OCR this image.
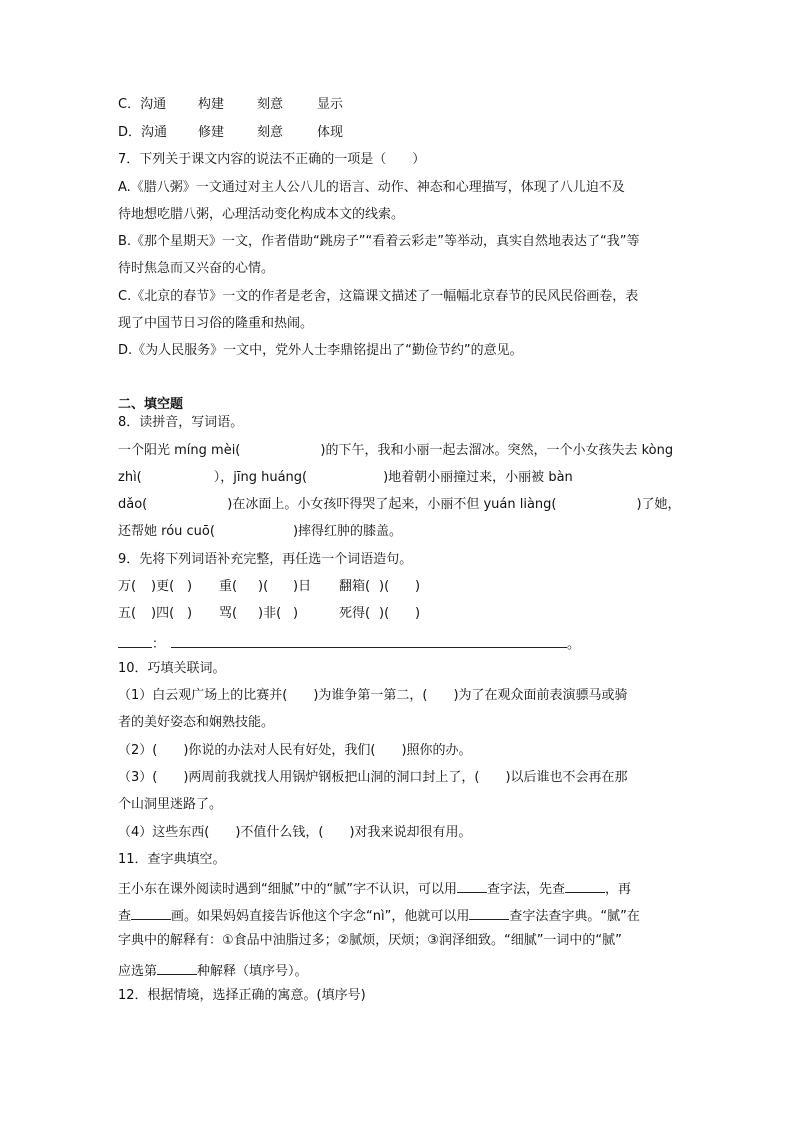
C．沟通 构建	刻意	显示
D．沟通 修建	刻意	体现
7．下列关于课文内容的说法不正确的一项是（　　）
A.《腊八粥》一文通过对主人公八儿的语言、动作、神态和心理描写，体现了八儿迫不及
待地想吃腊八粥，心理活动变化构成本文的线索。
B.《那个星期天》一文，作者借助“跳房子”“看着云彩走”等举动，真实自然地表达了“我”等
待时焦急而又兴奋的心情。
C.《北京的春节》一文的作者是老舍，这篇课文描述了一幅幅北京春节的民风民俗画卷，表
现了中国节日习俗的隆重和热闹。
D.《为人民服务》一文中，党外人士李鼎铭提出了“勤俭节约”的意见。
二、填空题
8．读拼音，写词语。
一个阳光 míng mèi(	)的下午，我和小丽一起去溜冰。突然，一个小女孩失去 kòng
zhì(	），jīng huáng(	)地着朝小丽撞过来，小丽被 bàn
dǎo(	)在冰面上。小女孩吓得哭了起来，小丽不但 yuán liàng(	)了她，
还帮她 róu cuō(	)摔得红肿的膝盖。
9．先将下列词语补充完整，再任选一个词语造句。
万( )更( ) 重( )( )日 翻箱( )( )
五( )四( ) 骂( )非( )	死得( )( )
：	。
10．巧填关联词。
（1）白云观广场上的比赛并(　　)为谁争第一第二，(　　)为了在观众面前表演骠马或骑
者的美好姿态和娴熟技能。
（2）(　　)你说的办法对人民有好处，我们(　　)照你的办。
（3）(　　)两周前我就找人用锅炉钢板把山洞的洞口封上了，(　　)以后谁也不会再在那
个山洞里迷路了。
（4）这些东西(　　)不值什么钱，(　　)对我来说却很有用。
11．查字典填空。
王小东在课外阅读时遇到“细腻”中的“腻”字不认识，可以用 查字法，先查	，再
查	画。如果妈妈直接告诉他这个字念“nì”，他就可以用	查字法查字典。“腻”在
字典中的解释有：①食品中油脂过多；②腻烦，厌烦；③润泽细致。“细腻”一词中的“腻”
应选第	种解释（填序号）。
12．根据情境，选择正确的寓意。(填序号)
